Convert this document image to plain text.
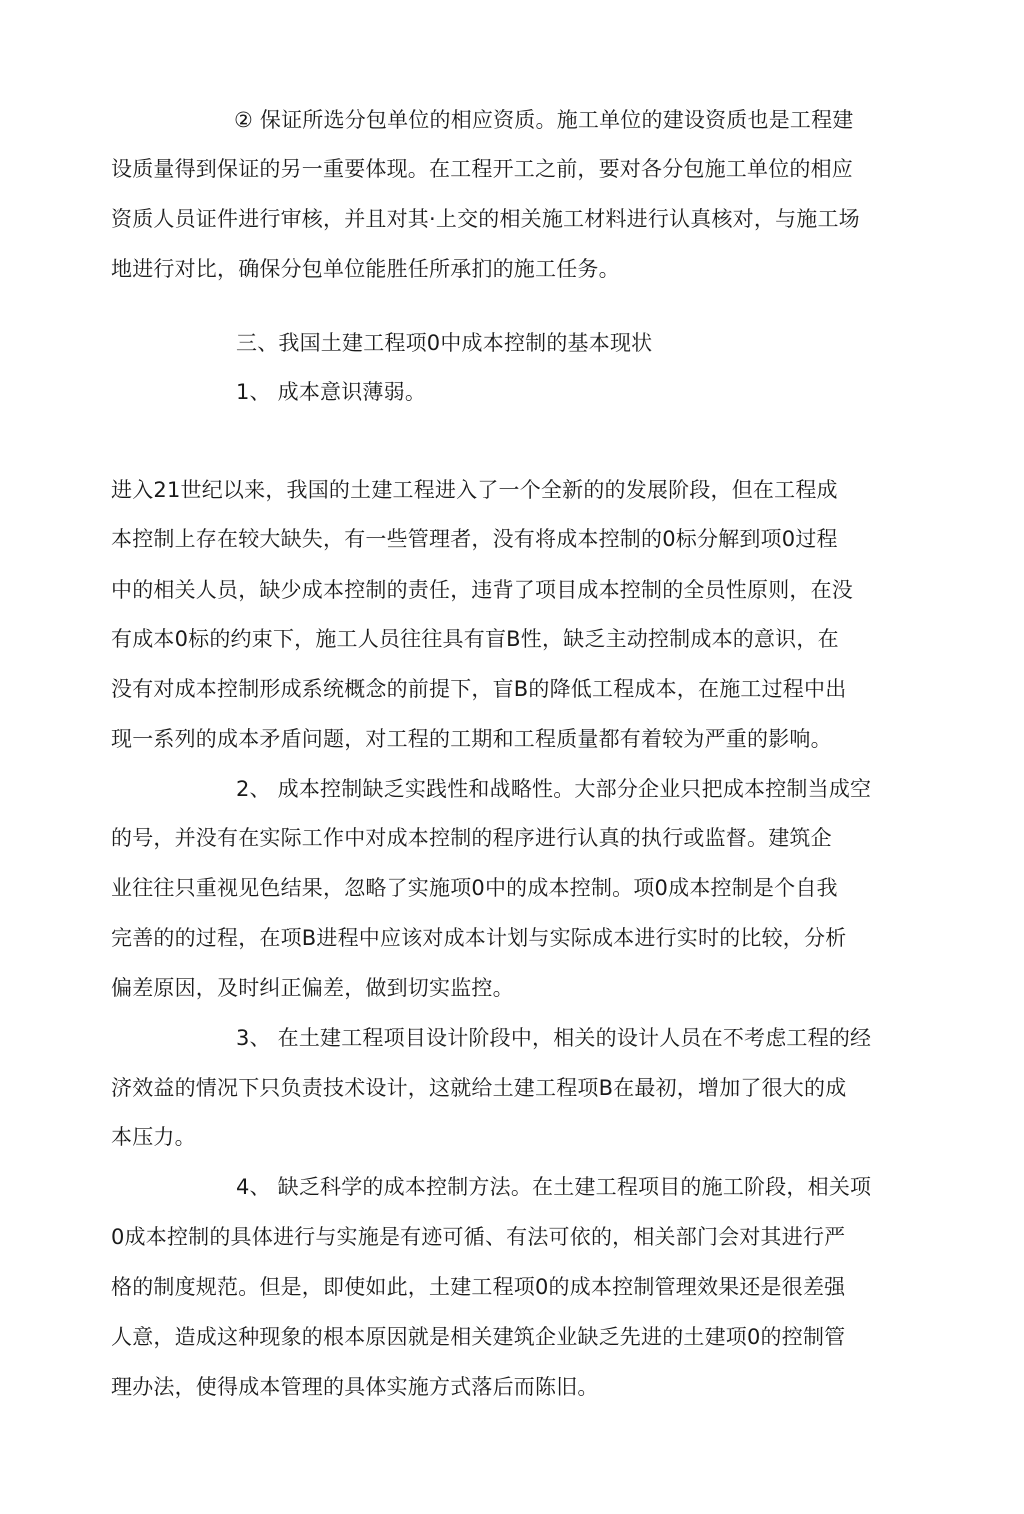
② 保证所选分包单位的相应资质。施工单位的建设资质也是工程建
设质量得到保证的另一重要体现。在工程开工之前，要对各分包施工单位的相应
资质人员证件进行审核，并且对其·上交的相关施工材料进行认真核对，与施工场
地进行对比，确保分包单位能胜任所承扪的施工任务。
三、我国土建工程项0中成本控制的基本现状
1、 成本意识薄弱。
进入21世纪以来，我国的土建工程进入了一个全新的的发展阶段，但在工程成
本控制上存在较大缺失，有一些管理者，没有将成本控制的0标分解到项0过程
中的相关人员，缺少成本控制的责任，违背了项目成本控制的全员性原则，在没
有成本0标的约束下，施工人员往往具有盲B性，缺乏主动控制成本的意识，在
没有对成本控制形成系统概念的前提下，盲B的降低工程成本，在施工过程中出
现一系列的成本矛盾问题，对工程的工期和工程质量都有着较为严重的影响。
2、 成本控制缺乏实践性和战略性。大部分企业只把成本控制当成空
的号，并没有在实际工作中对成本控制的程序进行认真的执行或监督。建筑企
业往往只重视见色结果，忽略了实施项0中的成本控制。项0成本控制是个自我
完善的的过程，在项B进程中应该对成本计划与实际成本进行实时的比较，分析
偏差原因，及时纠正偏差，做到切实监控。
3、 在土建工程项目设计阶段中，相关的设计人员在不考虑工程的经
济效益的情况下只负责技术设计，这就给土建工程项B在最初，增加了很大的成
本压力。
4、 缺乏科学的成本控制方法。在土建工程项目的施工阶段，相关项
0成本控制的具体进行与实施是有迹可循、有法可依的，相关部门会对其进行严
格的制度规范。但是，即使如此，土建工程项0的成本控制管理效果还是很差强
人意，造成这种现象的根本原因就是相关建筑企业缺乏先进的土建项0的控制管
理办法，使得成本管理的具体实施方式落后而陈旧。
